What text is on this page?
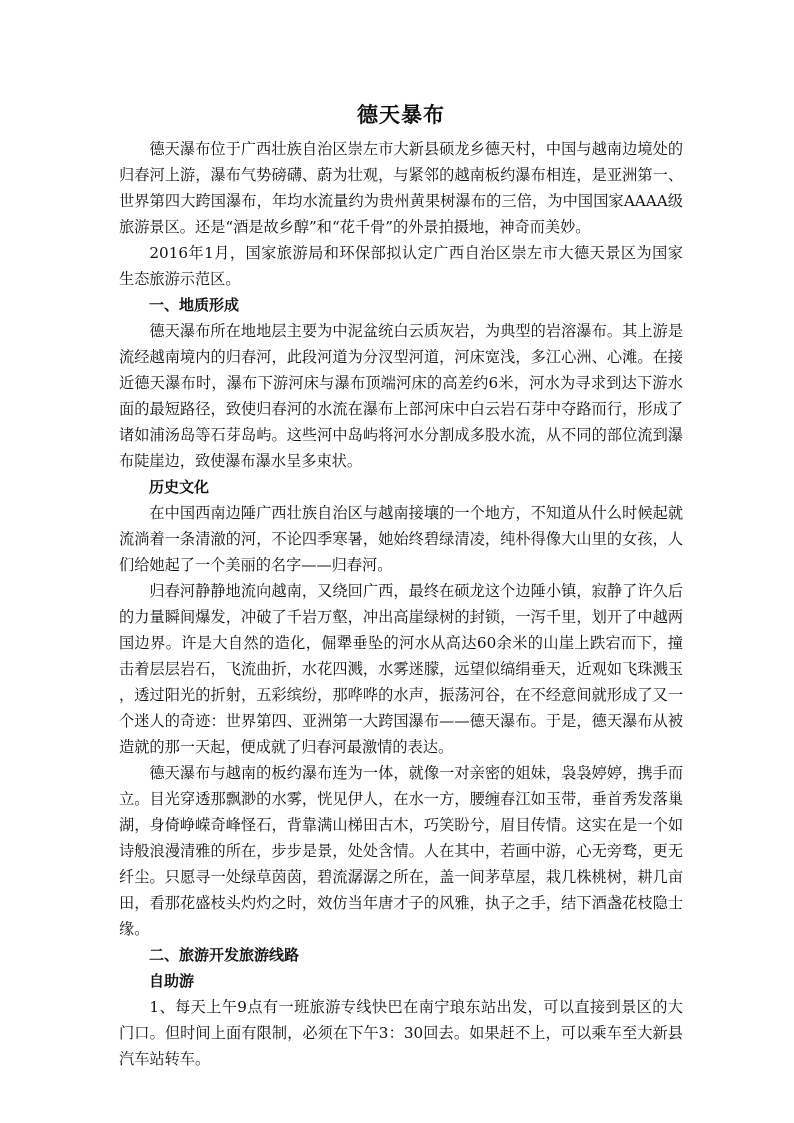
德天暴布

德天瀑布位于广西壮族自治区崇左市大新县硕龙乡德天村，中国与越南边境处的归春河上游，瀑布气势磅礴、蔚为壮观，与紧邻的越南板约瀑布相连，是亚洲第一、世界第四大跨国瀑布，年均水流量约为贵州黄果树瀑布的三倍，为中国国家AAAA级旅游景区。还是“酒是故乡醇”和“花千骨”的外景拍摄地，神奇而美妙。

2016年1月，国家旅游局和环保部拟认定广西自治区崇左市大德天景区为国家生态旅游示范区。

一、地质形成

德天瀑布所在地地层主要为中泥盆统白云质灰岩，为典型的岩溶瀑布。其上游是流经越南境内的归春河，此段河道为分汊型河道，河床宽浅，多江心洲、心滩。在接近德天瀑布时，瀑布下游河床与瀑布顶端河床的高差约6米，河水为寻求到达下游水面的最短路径，致使归春河的水流在瀑布上部河床中白云岩石芽中夺路而行，形成了诸如浦汤岛等石芽岛屿。这些河中岛屿将河水分割成多股水流，从不同的部位流到瀑布陡崖边，致使瀑布瀑水呈多束状。

历史文化

在中国西南边陲广西壮族自治区与越南接壤的一个地方，不知道从什么时候起就流淌着一条清澈的河，不论四季寒暑，她始终碧绿清凌，纯朴得像大山里的女孩，人们给她起了一个美丽的名字——归春河。

归春河静静地流向越南，又绕回广西，最终在硕龙这个边陲小镇，寂静了许久后的力量瞬间爆发，冲破了千岩万壑，冲出高崖绿树的封锁，一泻千里，划开了中越两国边界。许是大自然的造化，倔犟垂坠的河水从高达60余米的山崖上跌宕而下，撞击着层层岩石，飞流曲折，水花四溅，水雾迷朦，远望似缟绢垂天，近观如飞珠溅玉，透过阳光的折射，五彩缤纷，那哗哗的水声，振荡河谷，在不经意间就形成了又一个迷人的奇迹：世界第四、亚洲第一大跨国瀑布——德天瀑布。于是，德天瀑布从被造就的那一天起，便成就了归春河最激情的表达。

德天瀑布与越南的板约瀑布连为一体，就像一对亲密的姐妹，袅袅婷婷，携手而立。目光穿透那飘渺的水雾，恍见伊人，在水一方，腰缠春江如玉带，垂首秀发落巢湖，身倚峥嵘奇峰怪石，背靠满山梯田古木，巧笑盼兮，眉目传情。这实在是一个如诗般浪漫清雅的所在，步步是景，处处含情。人在其中，若画中游，心无旁骛，更无纤尘。只愿寻一处绿草茵茵，碧流潺潺之所在，盖一间茅草屋，栽几株桃树，耕几亩田，看那花盛枝头灼灼之时，效仿当年唐才子的风雅，执子之手，结下酒盏花枝隐士缘。

二、旅游开发旅游线路

自助游

1、每天上午9点有一班旅游专线快巴在南宁琅东站出发，可以直接到景区的大门口。但时间上面有限制，必须在下午3：30回去。如果赶不上，可以乘车至大新县汽车站转车。
